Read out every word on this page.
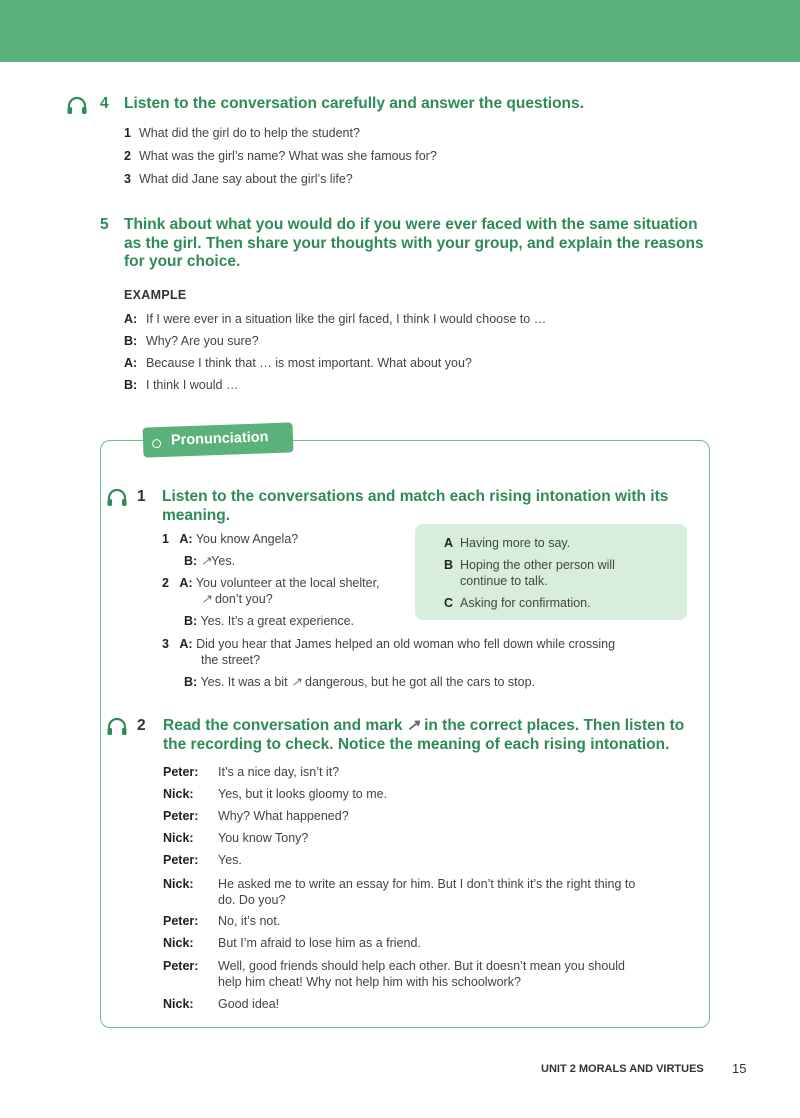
4 Listen to the conversation carefully and answer the questions.
1 What did the girl do to help the student?
2 What was the girl’s name? What was she famous for?
3 What did Jane say about the girl’s life?
5 Think about what you would do if you were ever faced with the same situation
as the girl. Then share your thoughts with your group, and explain the reasons
for your choice.
EXAMPLE
A: If I were ever in a situation like the girl faced, I think I would choose to …
B: Why? Are you sure?
A: Because I think that … is most important. What about you?
B: I think I would …
Pronunciation
1 Listen to the conversations and match each rising intonation with its
meaning.
1 A: You know Angela?
B: ↗Yes.
2 A: You volunteer at the local shelter,
↗ don’t you?
B: Yes. It’s a great experience.
3 A: Did you hear that James helped an old woman who fell down while crossing
the street?
B: Yes. It was a bit ↗ dangerous, but he got all the cars to stop.
A Having more to say.
B Hoping the other person will
continue to talk.
C Asking for confirmation.
2 Read the conversation and mark ↗ in the correct places. Then listen to
the recording to check. Notice the meaning of each rising intonation.
Peter: It’s a nice day, isn’t it?
Nick: Yes, but it looks gloomy to me.
Peter: Why? What happened?
Nick: You know Tony?
Peter: Yes.
Nick: He asked me to write an essay for him. But I don’t think it’s the right thing to
do. Do you?
Peter: No, it’s not.
Nick: But I’m afraid to lose him as a friend.
Peter: Well, good friends should help each other. But it doesn’t mean you should
help him cheat! Why not help him with his schoolwork?
Nick: Good idea!
UNIT 2 MORALS AND VIRTUES 15
